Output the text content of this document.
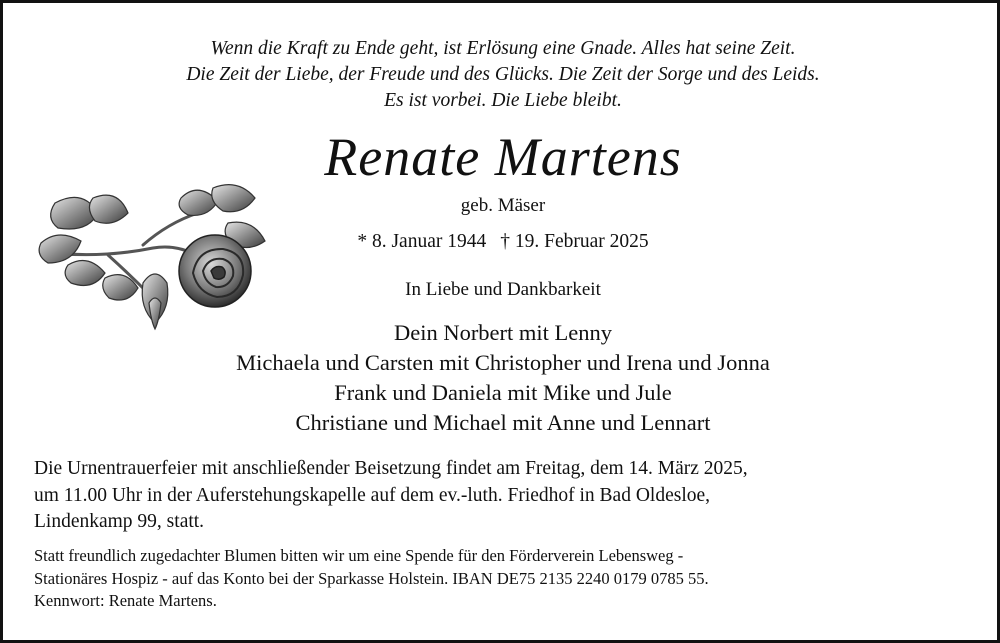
Wenn die Kraft zu Ende geht, ist Erlösung eine Gnade. Alles hat seine Zeit.
Die Zeit der Liebe, der Freude und des Glücks. Die Zeit der Sorge und des Leids.
Es ist vorbei. Die Liebe bleibt.
Renate Martens
geb. Mäser
* 8. Januar 1944 † 19. Februar 2025
In Liebe und Dankbarkeit
Dein Norbert mit Lenny
Michaela und Carsten mit Christopher und Irena und Jonna
Frank und Daniela mit Mike und Jule
Christiane und Michael mit Anne und Lennart
Die Urnentrauerfeier mit anschließender Beisetzung findet am Freitag, dem 14. März 2025,
um 11.00 Uhr in der Auferstehungskapelle auf dem ev.-luth. Friedhof in Bad Oldesloe,
Lindenkamp 99, statt.
Statt freundlich zugedachter Blumen bitten wir um eine Spende für den Förderverein Lebensweg -
Stationäres Hospiz - auf das Konto bei der Sparkasse Holstein. IBAN DE75 2135 2240 0179 0785 55.
Kennwort: Renate Martens.
